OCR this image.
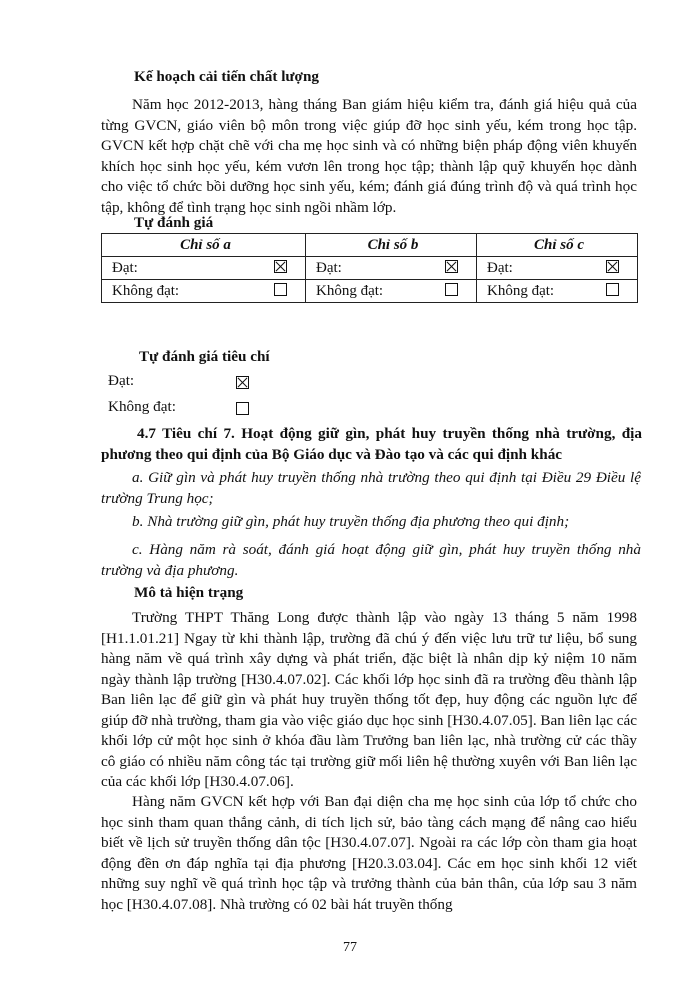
Kế hoạch cải tiến chất lượng

Năm học 2012-2013, hàng tháng Ban giám hiệu kiểm tra, đánh giá hiệu quả của từng GVCN, giáo viên bộ môn trong việc giúp đỡ học sinh yếu, kém trong học tập. GVCN kết hợp chặt chẽ với cha mẹ học sinh và có những biện pháp động viên khuyến khích học sinh học yếu, kém vươn lên trong học tập; thành lập quỹ khuyến học dành cho việc tổ chức bồi dưỡng học sinh yếu, kém; đánh giá đúng trình độ và quá trình học tập, không để tình trạng học sinh ngồi nhầm lớp.

Tự đánh giá

Chỉ số a	Chỉ số b	Chỉ số c

Đạt:	Đạt:	Đạt:

Không đạt:	Không đạt:	Không đạt:

Tự đánh giá tiêu chí

Đạt:
Không đạt:

4.7 Tiêu chí 7. Hoạt động giữ gìn, phát huy truyền thống nhà trường, địa phương theo qui định của Bộ Giáo dục và Đào tạo và các qui định khác

a. Giữ gìn và phát huy truyền thống nhà trường theo qui định tại Điều 29 Điều lệ trường Trung học;

b. Nhà trường giữ gìn, phát huy truyền thống địa phương theo qui định;

c. Hàng năm rà soát, đánh giá hoạt động giữ gìn, phát huy truyền thống nhà trường và địa phương.

Mô tả hiện trạng

Trường THPT Thăng Long được thành lập vào ngày 13 tháng 5 năm 1998 [H1.1.01.21] Ngay từ khi thành lập, trường đã chú ý đến việc lưu trữ tư liệu, bổ sung hàng năm về quá trình xây dựng và phát triển, đặc biệt là nhân dịp kỷ niệm 10 năm ngày thành lập trường [H30.4.07.02]. Các khối lớp học sinh đã ra trường đều thành lập Ban liên lạc để giữ gìn và phát huy truyền thống tốt đẹp, huy động các nguồn lực để giúp đỡ nhà trường, tham gia vào việc giáo dục học sinh [H30.4.07.05]. Ban liên lạc các khối lớp cử một học sinh ở khóa đầu làm Trưởng ban liên lạc, nhà trường cử các thầy cô giáo có nhiều năm công tác tại trường giữ mối liên hệ thường xuyên với Ban liên lạc của các khối lớp [H30.4.07.06].

Hàng năm GVCN kết hợp với Ban đại diện cha mẹ học sinh của lớp tổ chức cho học sinh tham quan thắng cảnh, di tích lịch sử, bảo tàng cách mạng để nâng cao hiểu biết về lịch sử truyền thống dân tộc [H30.4.07.07]. Ngoài ra các lớp còn tham gia hoạt động đền ơn đáp nghĩa tại địa phương [H20.3.03.04]. Các em học sinh khối 12 viết những suy nghĩ về quá trình học tập và trưởng thành của bản thân, của lớp sau 3 năm học [H30.4.07.08]. Nhà trường có 02 bài hát truyền thống

77
